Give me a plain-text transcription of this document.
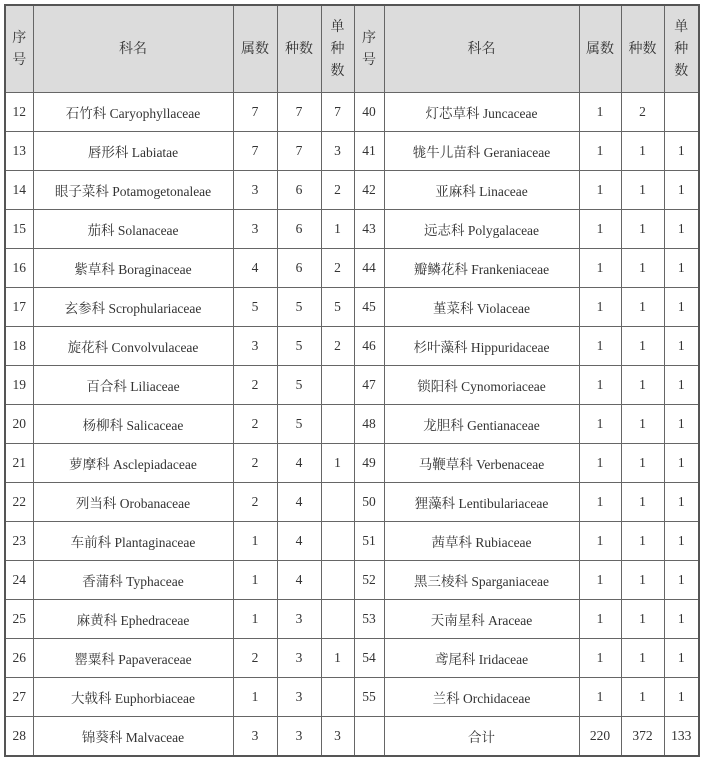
序号	科名	属数	种数	单种数	序号	科名	属数	种数	单种数
12	石竹科 Caryophyllaceae	7	7	7	40	灯芯草科 Juncaceae	1	2	
13	唇形科 Labiatae	7	7	3	41	牻牛儿苗科 Geraniaceae	1	1	1
14	眼子菜科 Potamogetonaleae	3	6	2	42	亚麻科 Linaceae	1	1	1
15	茄科 Solanaceae	3	6	1	43	远志科 Polygalaceae	1	1	1
16	紫草科 Boraginaceae	4	6	2	44	瓣鳞花科 Frankeniaceae	1	1	1
17	玄参科 Scrophulariaceae	5	5	5	45	堇菜科 Violaceae	1	1	1
18	旋花科 Convolvulaceae	3	5	2	46	杉叶藻科 Hippuridaceae	1	1	1
19	百合科 Liliaceae	2	5		47	锁阳科 Cynomoriaceae	1	1	1
20	杨柳科 Salicaceae	2	5		48	龙胆科 Gentianaceae	1	1	1
21	萝摩科 Asclepiadaceae	2	4	1	49	马鞭草科 Verbenaceae	1	1	1
22	列当科 Orobanaceae	2	4		50	狸藻科 Lentibulariaceae	1	1	1
23	车前科 Plantaginaceae	1	4		51	茜草科 Rubiaceae	1	1	1
24	香蒲科 Typhaceae	1	4		52	黑三棱科 Sparganiaceae	1	1	1
25	麻黄科 Ephedraceae	1	3		53	天南星科 Araceae	1	1	1
26	罂粟科 Papaveraceae	2	3	1	54	鸢尾科 Iridaceae	1	1	1
27	大戟科 Euphorbiaceae	1	3		55	兰科 Orchidaceae	1	1	1
28	锦葵科 Malvaceae	3	3	3		合计	220	372	133
